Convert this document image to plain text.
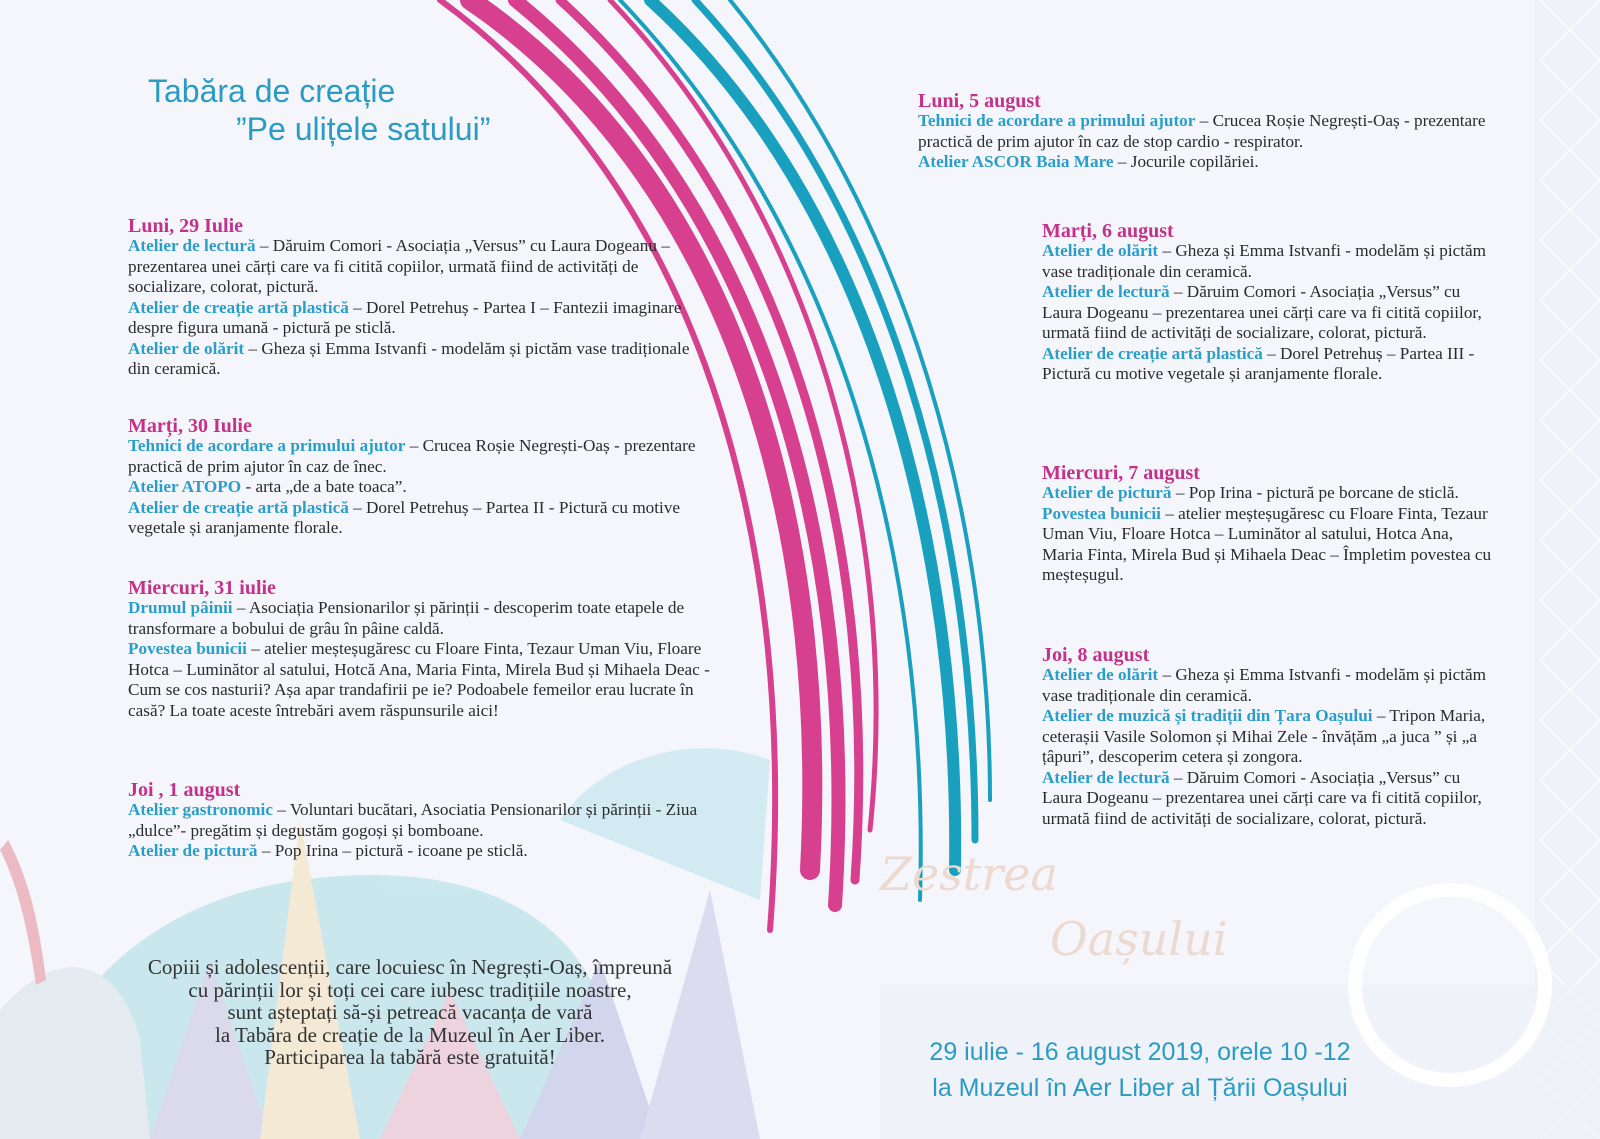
Tabăra de creație
”Pe ulițele satului”
Luni, 29 Iulie

Atelier de lectură – Dăruim Comori - Asociația „Versus” cu Laura Dogeanu – prezentarea unei cărți care va fi citită copiilor, urmată fiind de activități de socializare, colorat, pictură.

Atelier de creație artă plastică – Dorel Petrehuș - Partea I – Fantezii imaginare despre figura umană - pictură pe sticlă.

Atelier de olărit – Gheza și Emma Istvanfi - modelăm și pictăm vase tradiționale din ceramică.

Marți, 30 Iulie

Tehnici de acordare a primului ajutor – Crucea Roșie Negrești-Oaș - prezentare practică de prim ajutor în caz de înec.

Atelier ATOPO - arta „de a bate toaca”.

Atelier de creație artă plastică – Dorel Petrehuș – Partea II - Pictură cu motive vegetale și aranjamente florale.

Miercuri, 31 iulie

Drumul pâinii – Asociația Pensionarilor și părinții - descoperim toate etapele de transformare a bobului de grâu în pâine caldă.

Povestea bunicii – atelier meșteșugăresc cu Floare Finta, Tezaur Uman Viu, Floare Hotca – Luminător al satului, Hotcă Ana, Maria Finta, Mirela Bud și Mihaela Deac - Cum se cos nasturii? Așa apar trandafirii pe ie? Podoabele femeilor erau lucrate în casă? La toate aceste întrebări avem răspunsurile aici!

Joi , 1 august

Atelier gastronomic – Voluntari bucătari, Asociatia Pensionarilor și părinții - Ziua „dulce”- pregătim și degustăm gogoși și bomboane.

Atelier de pictură – Pop Irina – pictură - icoane pe sticlă.

Luni, 5 august

Tehnici de acordare a primului ajutor – Crucea Roșie Negrești-Oaș - prezentare practică de prim ajutor în caz de stop cardio - respirator.

Atelier ASCOR Baia Mare – Jocurile copilăriei.

Marți, 6 august

Atelier de olărit – Gheza și Emma Istvanfi - modelăm și pictăm vase tradiționale din ceramică.

Atelier de lectură – Dăruim Comori - Asociația „Versus” cu Laura Dogeanu – prezentarea unei cărți care va fi citită copiilor, urmată fiind de activități de socializare, colorat, pictură.

Atelier de creație artă plastică – Dorel Petrehuș – Partea III - Pictură cu motive vegetale și aranjamente florale.

Miercuri, 7 august

Atelier de pictură – Pop Irina - pictură pe borcane de sticlă.

Povestea bunicii – atelier meșteșugăresc cu Floare Finta, Tezaur Uman Viu, Floare Hotca – Luminător al satului, Hotca Ana, Maria Finta, Mirela Bud și Mihaela Deac – Împletim povestea cu meșteșugul.

Joi, 8 august

Atelier de olărit – Gheza și Emma Istvanfi - modelăm și pictăm vase tradiționale din ceramică.

Atelier de muzică și tradiții din Țara Oașului – Tripon Maria, ceterașii Vasile Solomon și Mihai Zele - învățăm „a juca ” și „a țâpuri”, descoperim cetera și zongora.

Atelier de lectură – Dăruim Comori - Asociația „Versus” cu Laura Dogeanu – prezentarea unei cărți care va fi citită copiilor, urmată fiind de activități de socializare, colorat, pictură.

Zestrea
Oașului
Copiii și adolescenții, care locuiesc în Negrești-Oaș, împreună
cu părinții lor și toți cei care iubesc tradițiile noastre,
sunt așteptați să-și petreacă vacanța de vară
la Tabăra de creație de la Muzeul în Aer Liber.
Participarea la tabără este gratuită!	29 iulie - 16 august 2019, orele 10 -12
la Muzeul în Aer Liber al Țării Oașului
